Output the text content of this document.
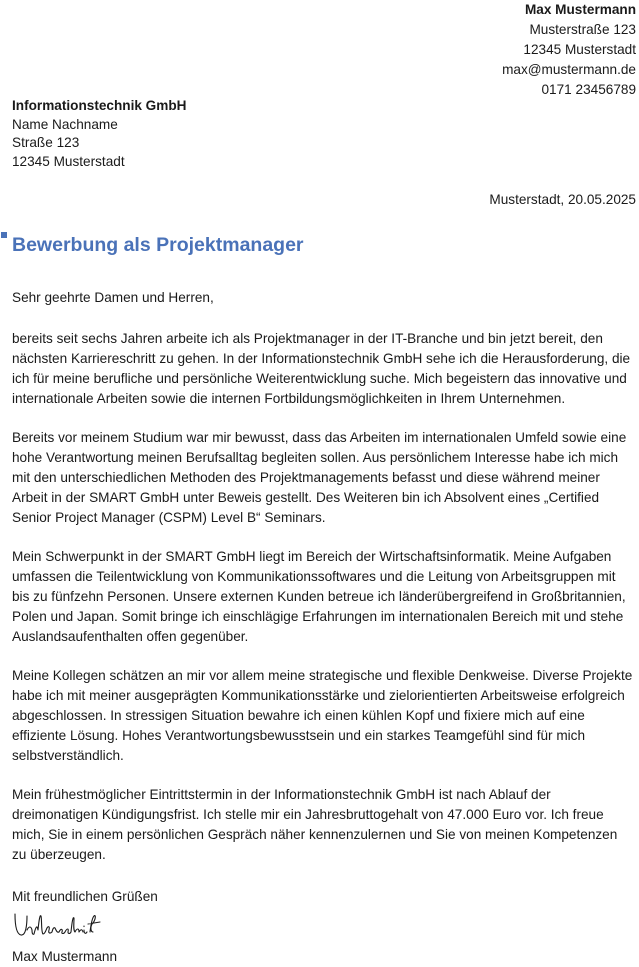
Max Mustermann
Musterstraße 123
12345 Musterstadt
max@mustermann.de
0171 23456789
Informationstechnik GmbH
Name Nachname
Straße 123
12345 Musterstadt
Musterstadt, 20.05.2025
Bewerbung als Projektmanager
Sehr geehrte Damen und Herren,

bereits seit sechs Jahren arbeite ich als Projektmanager in der IT-Branche und bin jetzt bereit, den nächsten Karriereschritt zu gehen. In der Informationstechnik GmbH sehe ich die Herausforderung, die ich für meine berufliche und persönliche Weiterentwicklung suche. Mich begeistern das innovative und internationale Arbeiten sowie die internen Fortbildungsmöglichkeiten in Ihrem Unternehmen.

Bereits vor meinem Studium war mir bewusst, dass das Arbeiten im internationalen Umfeld sowie eine hohe Verantwortung meinen Berufsalltag begleiten sollen. Aus persönlichem Interesse habe ich mich mit den unterschiedlichen Methoden des Projektmanagements befasst und diese während meiner Arbeit in der SMART GmbH unter Beweis gestellt. Des Weiteren bin ich Absolvent eines „Certified Senior Project Manager (CSPM) Level B“ Seminars.

Mein Schwerpunkt in der SMART GmbH liegt im Bereich der Wirtschaftsinformatik. Meine Aufgaben umfassen die Teilentwicklung von Kommunikationssoftwares und die Leitung von Arbeitsgruppen mit bis zu fünfzehn Personen. Unsere externen Kunden betreue ich länderübergreifend in Großbritannien, Polen und Japan. Somit bringe ich einschlägige Erfahrungen im internationalen Bereich mit und stehe Auslandsaufenthalten offen gegenüber.

Meine Kollegen schätzen an mir vor allem meine strategische und flexible Denkweise. Diverse Projekte habe ich mit meiner ausgeprägten Kommunikationsstärke und zielorientierten Arbeitsweise erfolgreich abgeschlossen. In stressigen Situation bewahre ich einen kühlen Kopf und fixiere mich auf eine effiziente Lösung. Hohes Verantwortungsbewusstsein und ein starkes Teamgefühl sind für mich selbstverständlich.

Mein frühestmöglicher Eintrittstermin in der Informationstechnik GmbH ist nach Ablauf der dreimonatigen Kündigungsfrist. Ich stelle mir ein Jahresbruttogehalt von 47.000 Euro vor. Ich freue mich, Sie in einem persönlichen Gespräch näher kennenzulernen und Sie von meinen Kompetenzen zu überzeugen.

Mit freundlichen Grüßen
Max Mustermann
